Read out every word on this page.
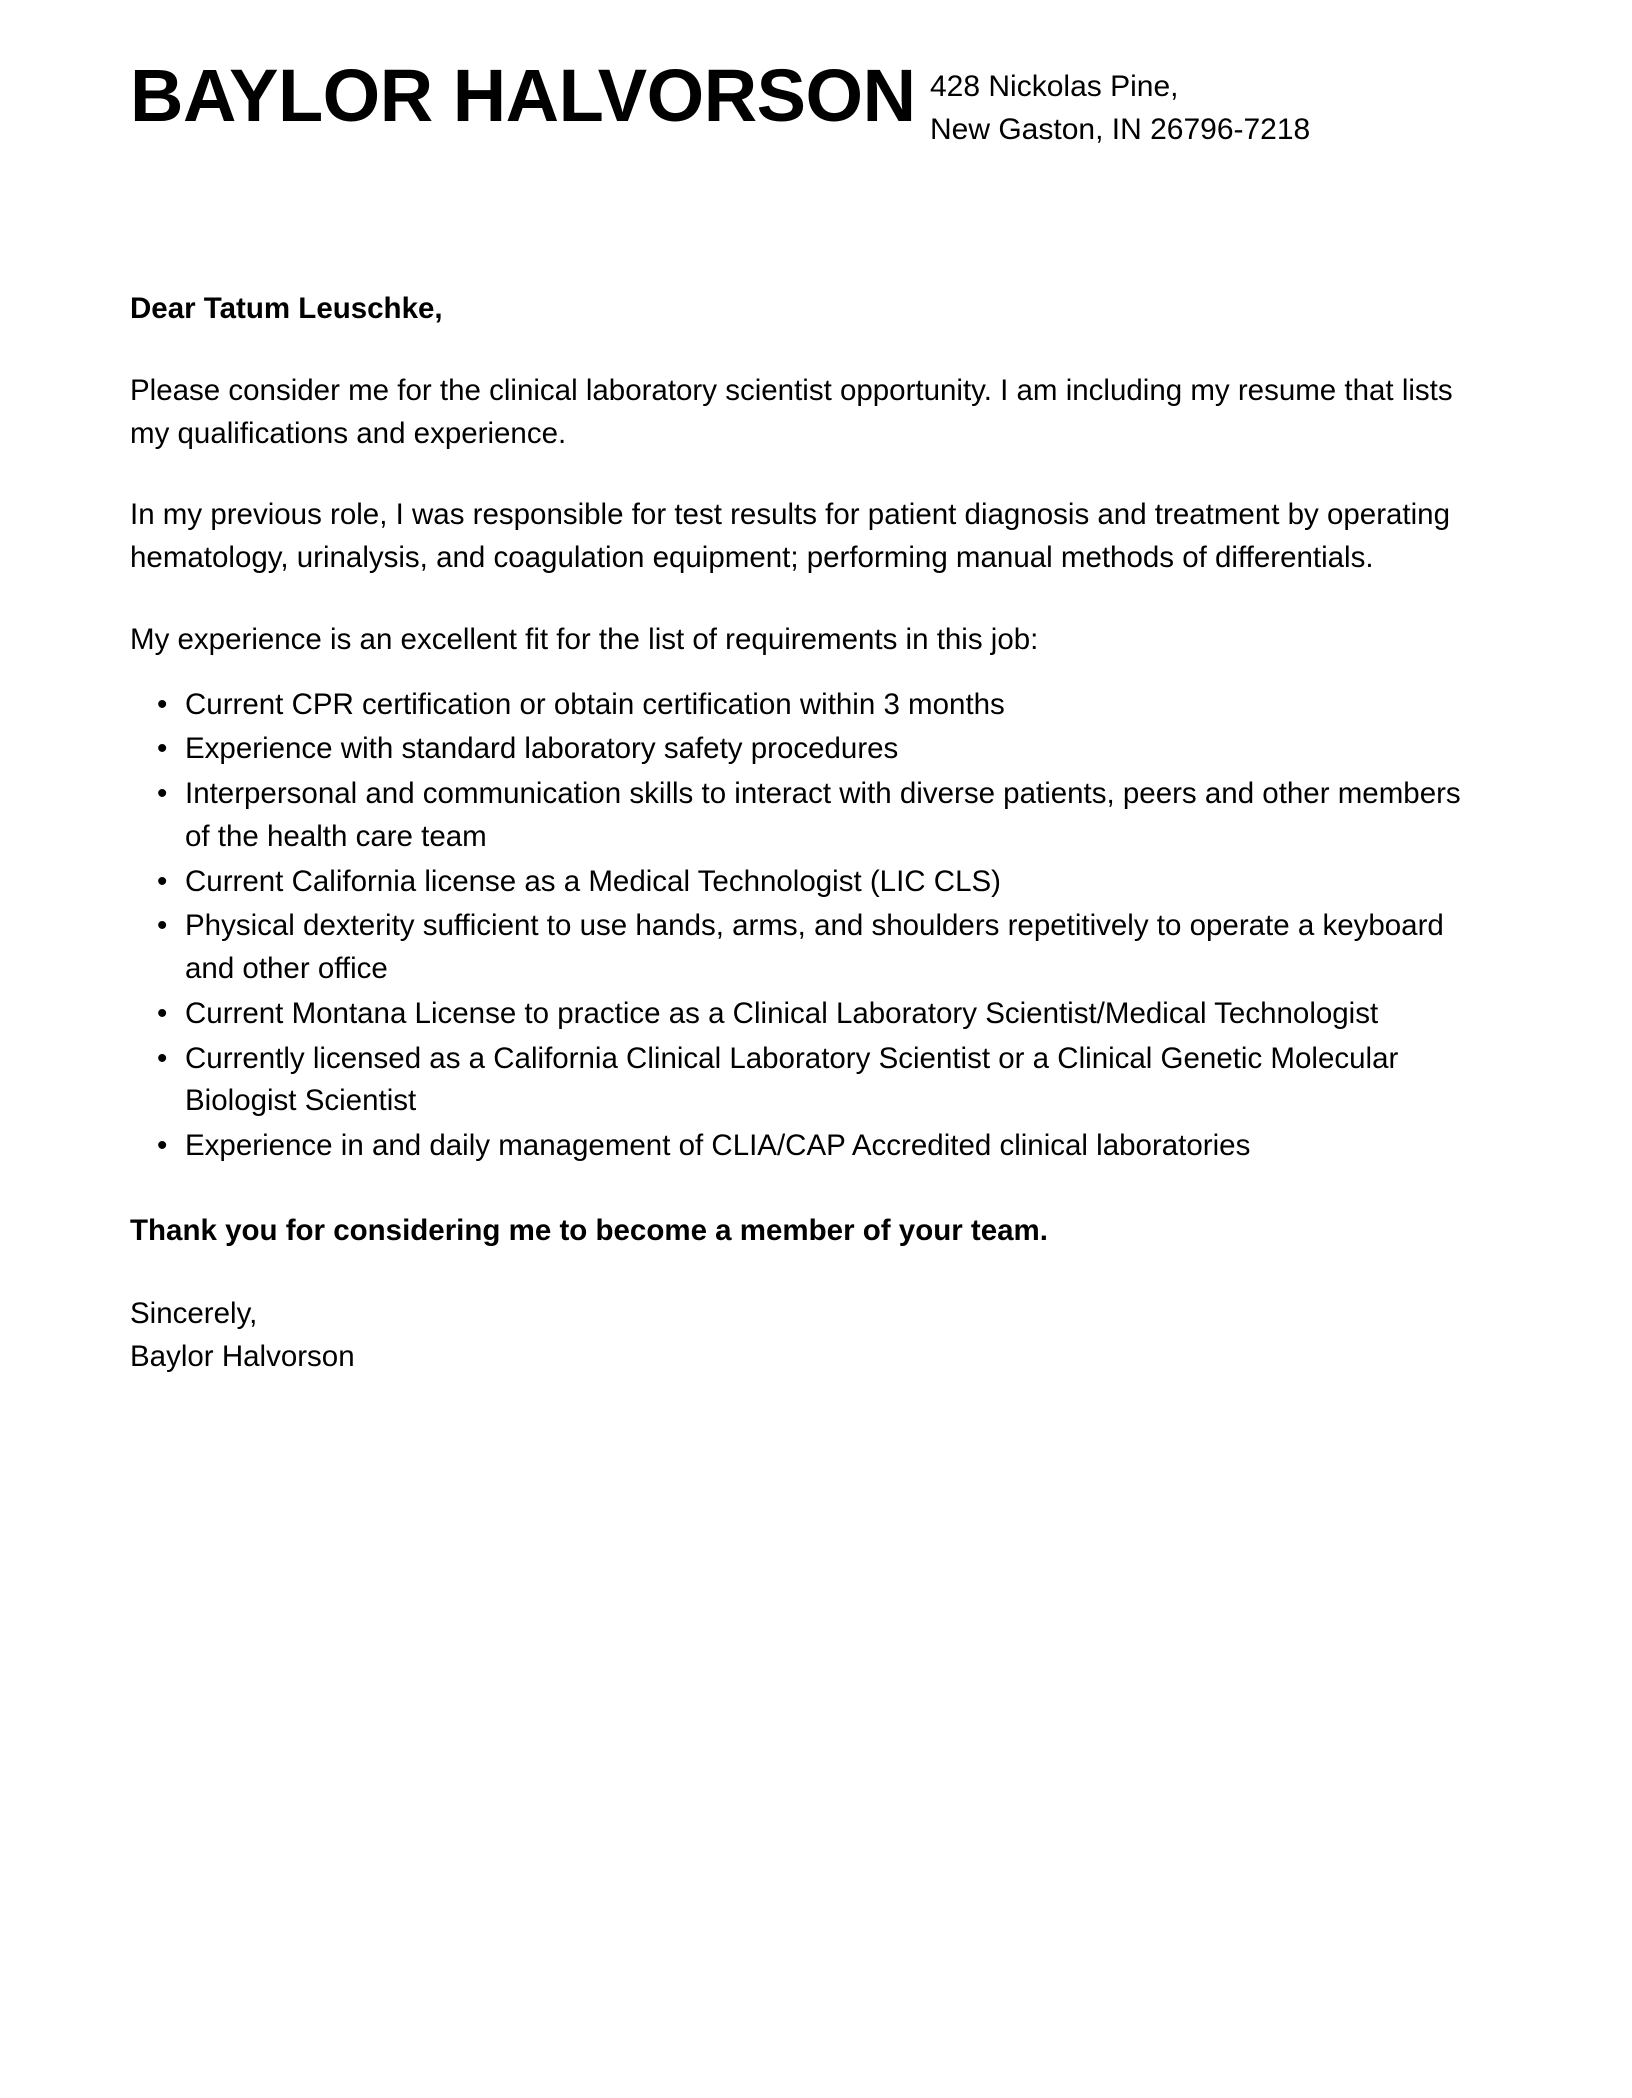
BAYLOR HALVORSON 428 Nickolas Pine,
New Gaston, IN 26796-7218

Dear Tatum Leuschke,

Please consider me for the clinical laboratory scientist opportunity. I am including my resume that lists my qualifications and experience.

In my previous role, I was responsible for test results for patient diagnosis and treatment by operating hematology, urinalysis, and coagulation equipment; performing manual methods of differentials.

My experience is an excellent fit for the list of requirements in this job:

• Current CPR certification or obtain certification within 3 months
• Experience with standard laboratory safety procedures
• Interpersonal and communication skills to interact with diverse patients, peers and other members of the health care team
• Current California license as a Medical Technologist (LIC CLS)
• Physical dexterity sufficient to use hands, arms, and shoulders repetitively to operate a keyboard and other office
• Current Montana License to practice as a Clinical Laboratory Scientist/Medical Technologist
• Currently licensed as a California Clinical Laboratory Scientist or a Clinical Genetic Molecular Biologist Scientist
• Experience in and daily management of CLIA/CAP Accredited clinical laboratories

Thank you for considering me to become a member of your team.

Sincerely,
Baylor Halvorson
